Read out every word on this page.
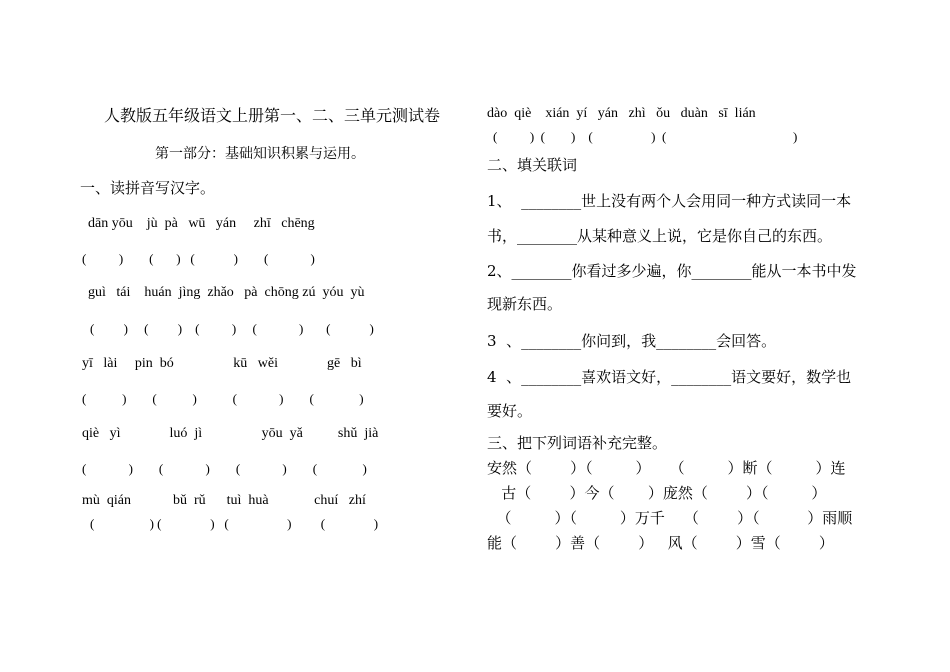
人教版五年级语文上册第一、二、三单元测试卷
第一部分：基础知识积累与运用。
一、读拼音写汉字。
dān yōu    jù  pà   wū   yán     zhī   chēng
(          )        (       )   (            )        (             )
guì   tái    huán  jìng  zhǎo   pà  chōng zú  yóu  yù
(         )     (         )    (          )     (             )       (            )
yī   lài     pin  bó                 kū   wěi              gē   bì
(           )        (           )           (             )        (              )
qiè   yì              luó  jì                 yōu  yǎ          shǔ  jià
(             )        (             )        (             )        (              )
mù  qián            bǔ  rǔ      tuì  huà             chuí   zhí
(                 ) (               )   (                  )         (               )
dào  qiè    xián  yí   yán   zhì   ǒu   duàn   sī  lián
(          )  (        )    (                  )  (                                       )
二、填关联词
1、  ________世上没有两个人会用同一种方式读同一本
书，________从某种意义上说，它是你自己的东西。
2、________你看过多少遍，你________能从一本书中发
现新东西。
3  、________你问到，我________会回答。
4  、________喜欢语文好，________语文要好，数学也
要好。
三、把下列词语补充完整。
安然（        ）（         ）    （         ）断（         ）连
古（        ）今（       ）庞然（        ）（         ）
（         ）（         ）万千    （        ）（          ）雨顺
能（        ）善（        ）   风（        ）雪（        ）
